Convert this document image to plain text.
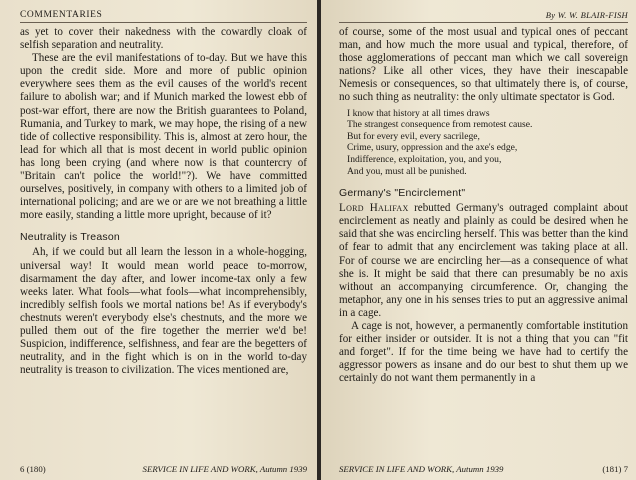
COMMENTARIES

as yet to cover their nakedness with the cowardly cloak of selfish separation and neutrality.

These are the evil manifestations of to-day. But we have this upon the credit side. More and more of public opinion everywhere sees them as the evil causes of the world's recent failure to abolish war; and if Munich marked the lowest ebb of post-war effort, there are now the British guarantees to Poland, Rumania, and Turkey to mark, we may hope, the rising of a new tide of collective responsibility. This is, almost at zero hour, the lead for which all that is most decent in world public opinion has long been crying (and where now is that countercry of "Britain can't police the world!"?). We have committed ourselves, positively, in company with others to a limited job of international policing; and are we or are we not breathing a little more easily, standing a little more upright, because of it?

Neutrality is Treason

Ah, if we could but all learn the lesson in a whole-hogging, universal way! It would mean world peace to-morrow, disarmament the day after, and lower income-tax only a few weeks later. What fools—what fools—what incomprehensibly, incredibly selfish fools we mortal nations be! As if everybody's chestnuts weren't everybody else's chestnuts, and the more we pulled them out of the fire together the merrier we'd be! Suspicion, indifference, selfishness, and fear are the begetters of neutrality, and in the fight which is on in the world to-day neutrality is treason to civilization. The vices mentioned are,

6 (180)	SERVICE IN LIFE AND WORK, Autumn 1939
By W. W. BLAIR-FISH

of course, some of the most usual and typical ones of peccant man, and how much the more usual and typical, therefore, of those agglomerations of peccant man which we call sovereign nations? Like all other vices, they have their inescapable Nemesis or consequences, so that ultimately there is, of course, no such thing as neutrality: the only ultimate spectator is God.

I know that history at all times draws
The strangest consequence from remotest cause.
But for every evil, every sacrilege,
Crime, usury, oppression and the axe's edge,
Indifference, exploitation, you, and you,
And you, must all be punished.
Germany's "Encirclement"

Lord Halifax rebutted Germany's outraged complaint about encirclement as neatly and plainly as could be desired when he said that she was encircling herself. This was better than the kind of fear to admit that any encirclement was taking place at all. For of course we are encircling her—as a consequence of what she is. It might be said that there can presumably be no axis without an accompanying circumference. Or, changing the metaphor, any one in his senses tries to put an aggressive animal in a cage.

A cage is not, however, a permanently comfortable institution for either insider or outsider. It is not a thing that you can "fit and forget". If for the time being we have had to certify the aggressor powers as insane and do our best to shut them up we certainly do not want them permanently in a

SERVICE IN LIFE AND WORK, Autumn 1939	(181) 7
